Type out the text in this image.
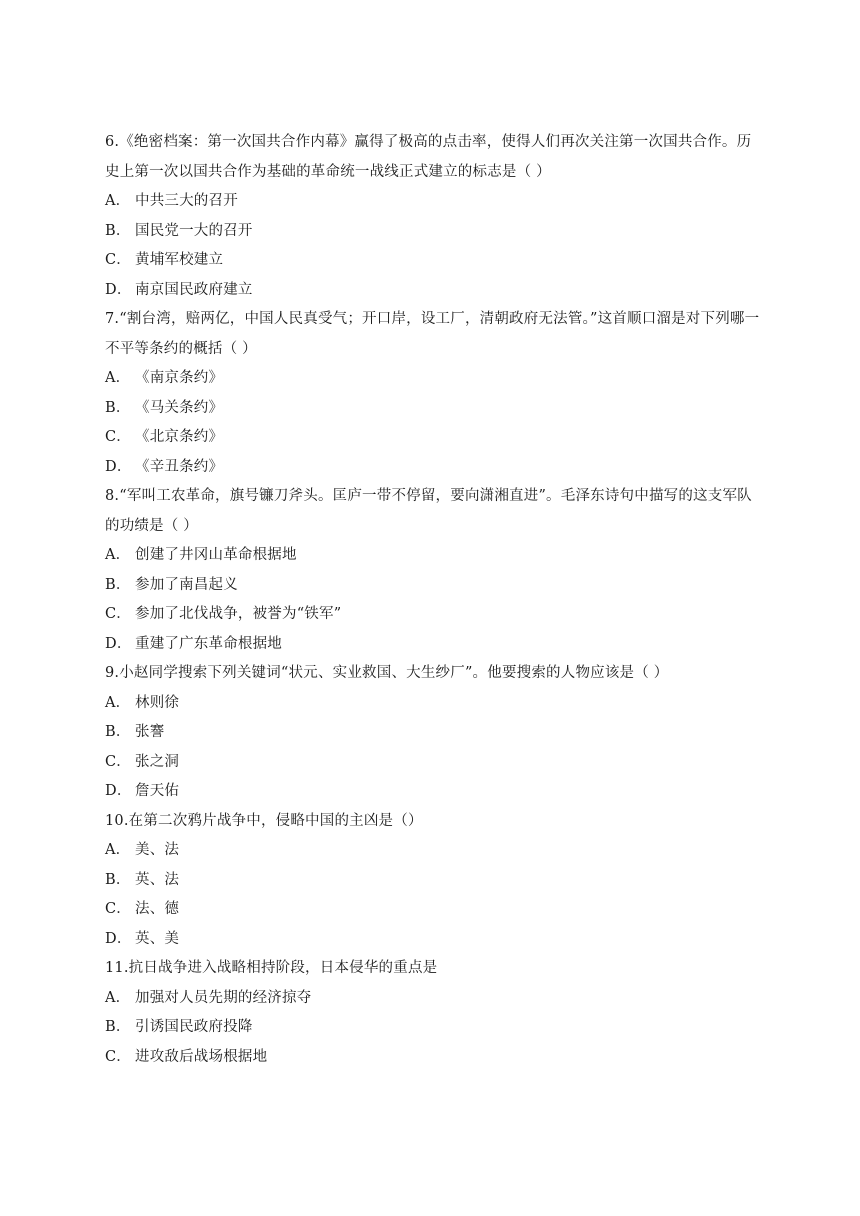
6.《绝密档案：第一次国共合作内幕》赢得了极高的点击率，使得人们再次关注第一次国共合作。历史上第一次以国共合作为基础的革命统一战线正式建立的标志是（ ）

A． 中共三大的召开

B． 国民党一大的召开

C． 黄埔军校建立

D． 南京国民政府建立

7.“割台湾，赔两亿，中国人民真受气；开口岸，设工厂，清朝政府无法管。”这首顺口溜是对下列哪一不平等条约的概括（ ）

A． 《南京条约》

B． 《马关条约》

C． 《北京条约》

D． 《辛丑条约》

8.“军叫工农革命，旗号镰刀斧头。匡庐一带不停留，要向潇湘直进”。毛泽东诗句中描写的这支军队的功绩是（ ）

A． 创建了井冈山革命根据地

B． 参加了南昌起义

C． 参加了北伐战争，被誉为“铁军”

D． 重建了广东革命根据地

9.小赵同学搜索下列关键词“状元、实业救国、大生纱厂”。他要搜索的人物应该是（ ）

A． 林则徐

B． 张謇

C． 张之洞

D． 詹天佑

10.在第二次鸦片战争中，侵略中国的主凶是（）

A． 美、法

B． 英、法

C． 法、德

D． 英、美

11.抗日战争进入战略相持阶段，日本侵华的重点是

A． 加强对人员先期的经济掠夺

B． 引诱国民政府投降

C． 进攻敌后战场根据地
